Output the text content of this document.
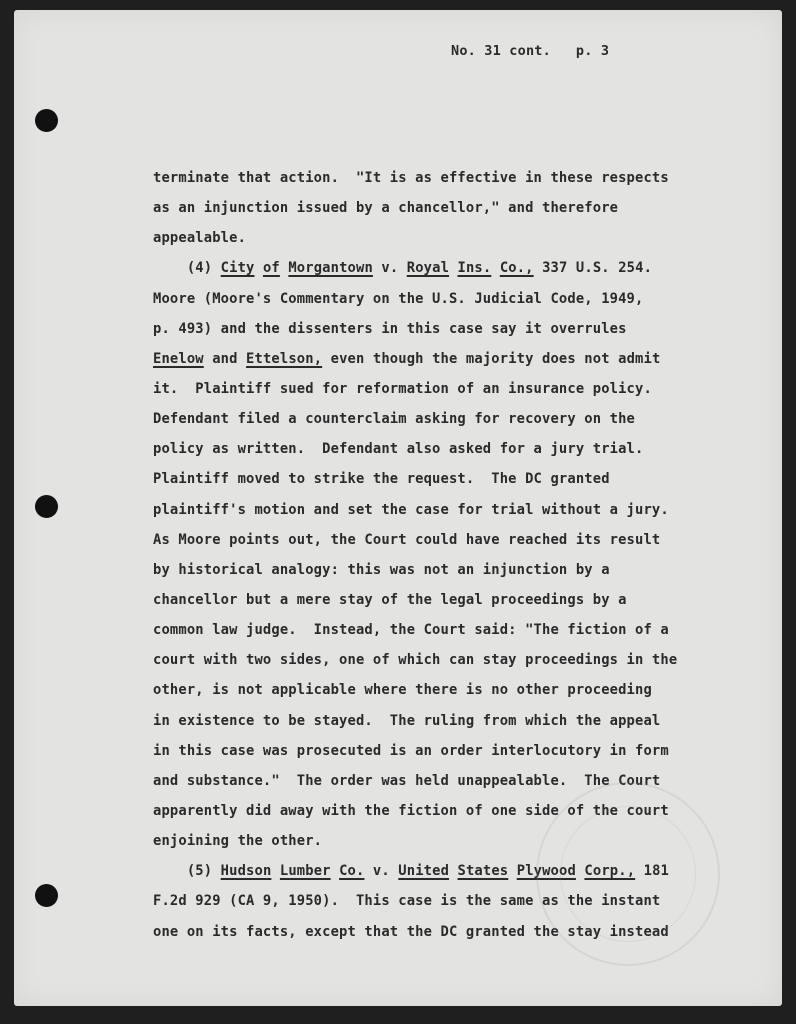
No. 31 cont. p. 3
terminate that action.  "It is as effective in these respects
as an injunction issued by a chancellor," and therefore
appealable.
(4) City of Morgantown v. Royal Ins. Co., 337 U.S. 254.
Moore (Moore's Commentary on the U.S. Judicial Code, 1949,
p. 493) and the dissenters in this case say it overrules
Enelow and Ettelson, even though the majority does not admit
it.  Plaintiff sued for reformation of an insurance policy.
Defendant filed a counterclaim asking for recovery on the
policy as written.  Defendant also asked for a jury trial.
Plaintiff moved to strike the request.  The DC granted
plaintiff's motion and set the case for trial without a jury.
As Moore points out, the Court could have reached its result
by historical analogy: this was not an injunction by a
chancellor but a mere stay of the legal proceedings by a
common law judge.  Instead, the Court said: "The fiction of a
court with two sides, one of which can stay proceedings in the
other, is not applicable where there is no other proceeding
in existence to be stayed.  The ruling from which the appeal
in this case was prosecuted is an order interlocutory in form
and substance."  The order was held unappealable.  The Court
apparently did away with the fiction of one side of the court
enjoining the other.
(5) Hudson Lumber Co. v. United States Plywood Corp., 181
F.2d 929 (CA 9, 1950).  This case is the same as the instant
one on its facts, except that the DC granted the stay instead
